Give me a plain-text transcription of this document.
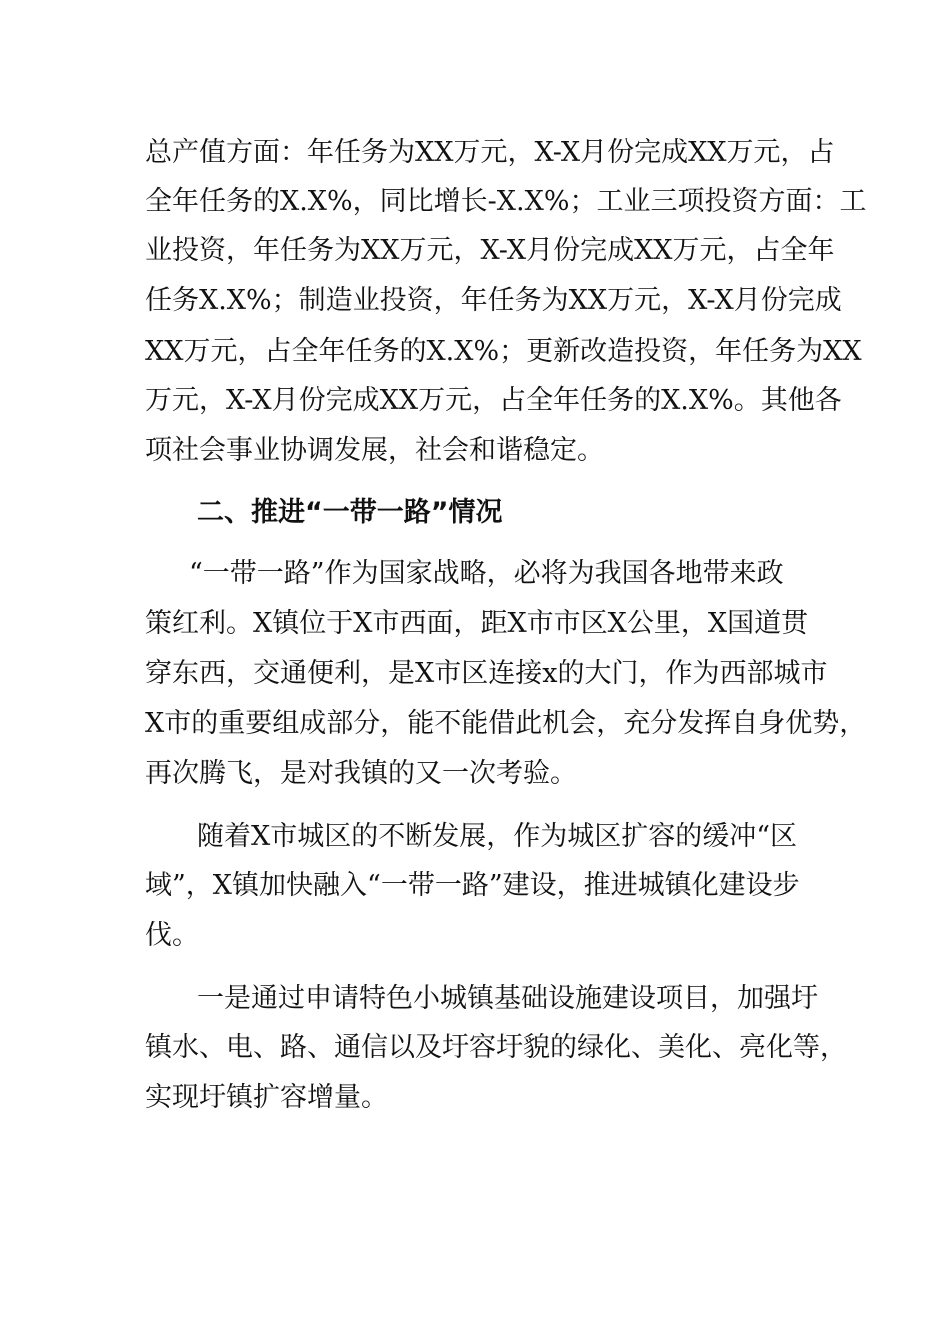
总产值方面：年任务为XX万元，X-X月份完成XX万元，占
全年任务的X.X%，同比增长-X.X%；工业三项投资方面：工
业投资，年任务为XX万元，X-X月份完成XX万元，占全年
任务X.X%；制造业投资，年任务为XX万元，X-X月份完成
XX万元，占全年任务的X.X%；更新改造投资，年任务为XX
万元，X-X月份完成XX万元，占全年任务的X.X%。其他各
项社会事业协调发展，社会和谐稳定。
二、推进“一带一路”情况
“一带一路”作为国家战略，必将为我国各地带来政
策红利。X镇位于X市西面，距X市市区X公里，X国道贯
穿东西，交通便利，是X市区连接x的大门，作为西部城市
X市的重要组成部分，能不能借此机会，充分发挥自身优势，
再次腾飞，是对我镇的又一次考验。
随着X市城区的不断发展，作为城区扩容的缓冲“区
域”，X镇加快融入“一带一路”建设，推进城镇化建设步
伐。
一是通过申请特色小城镇基础设施建设项目，加强圩
镇水、电、路、通信以及圩容圩貌的绿化、美化、亮化等，
实现圩镇扩容增量。
